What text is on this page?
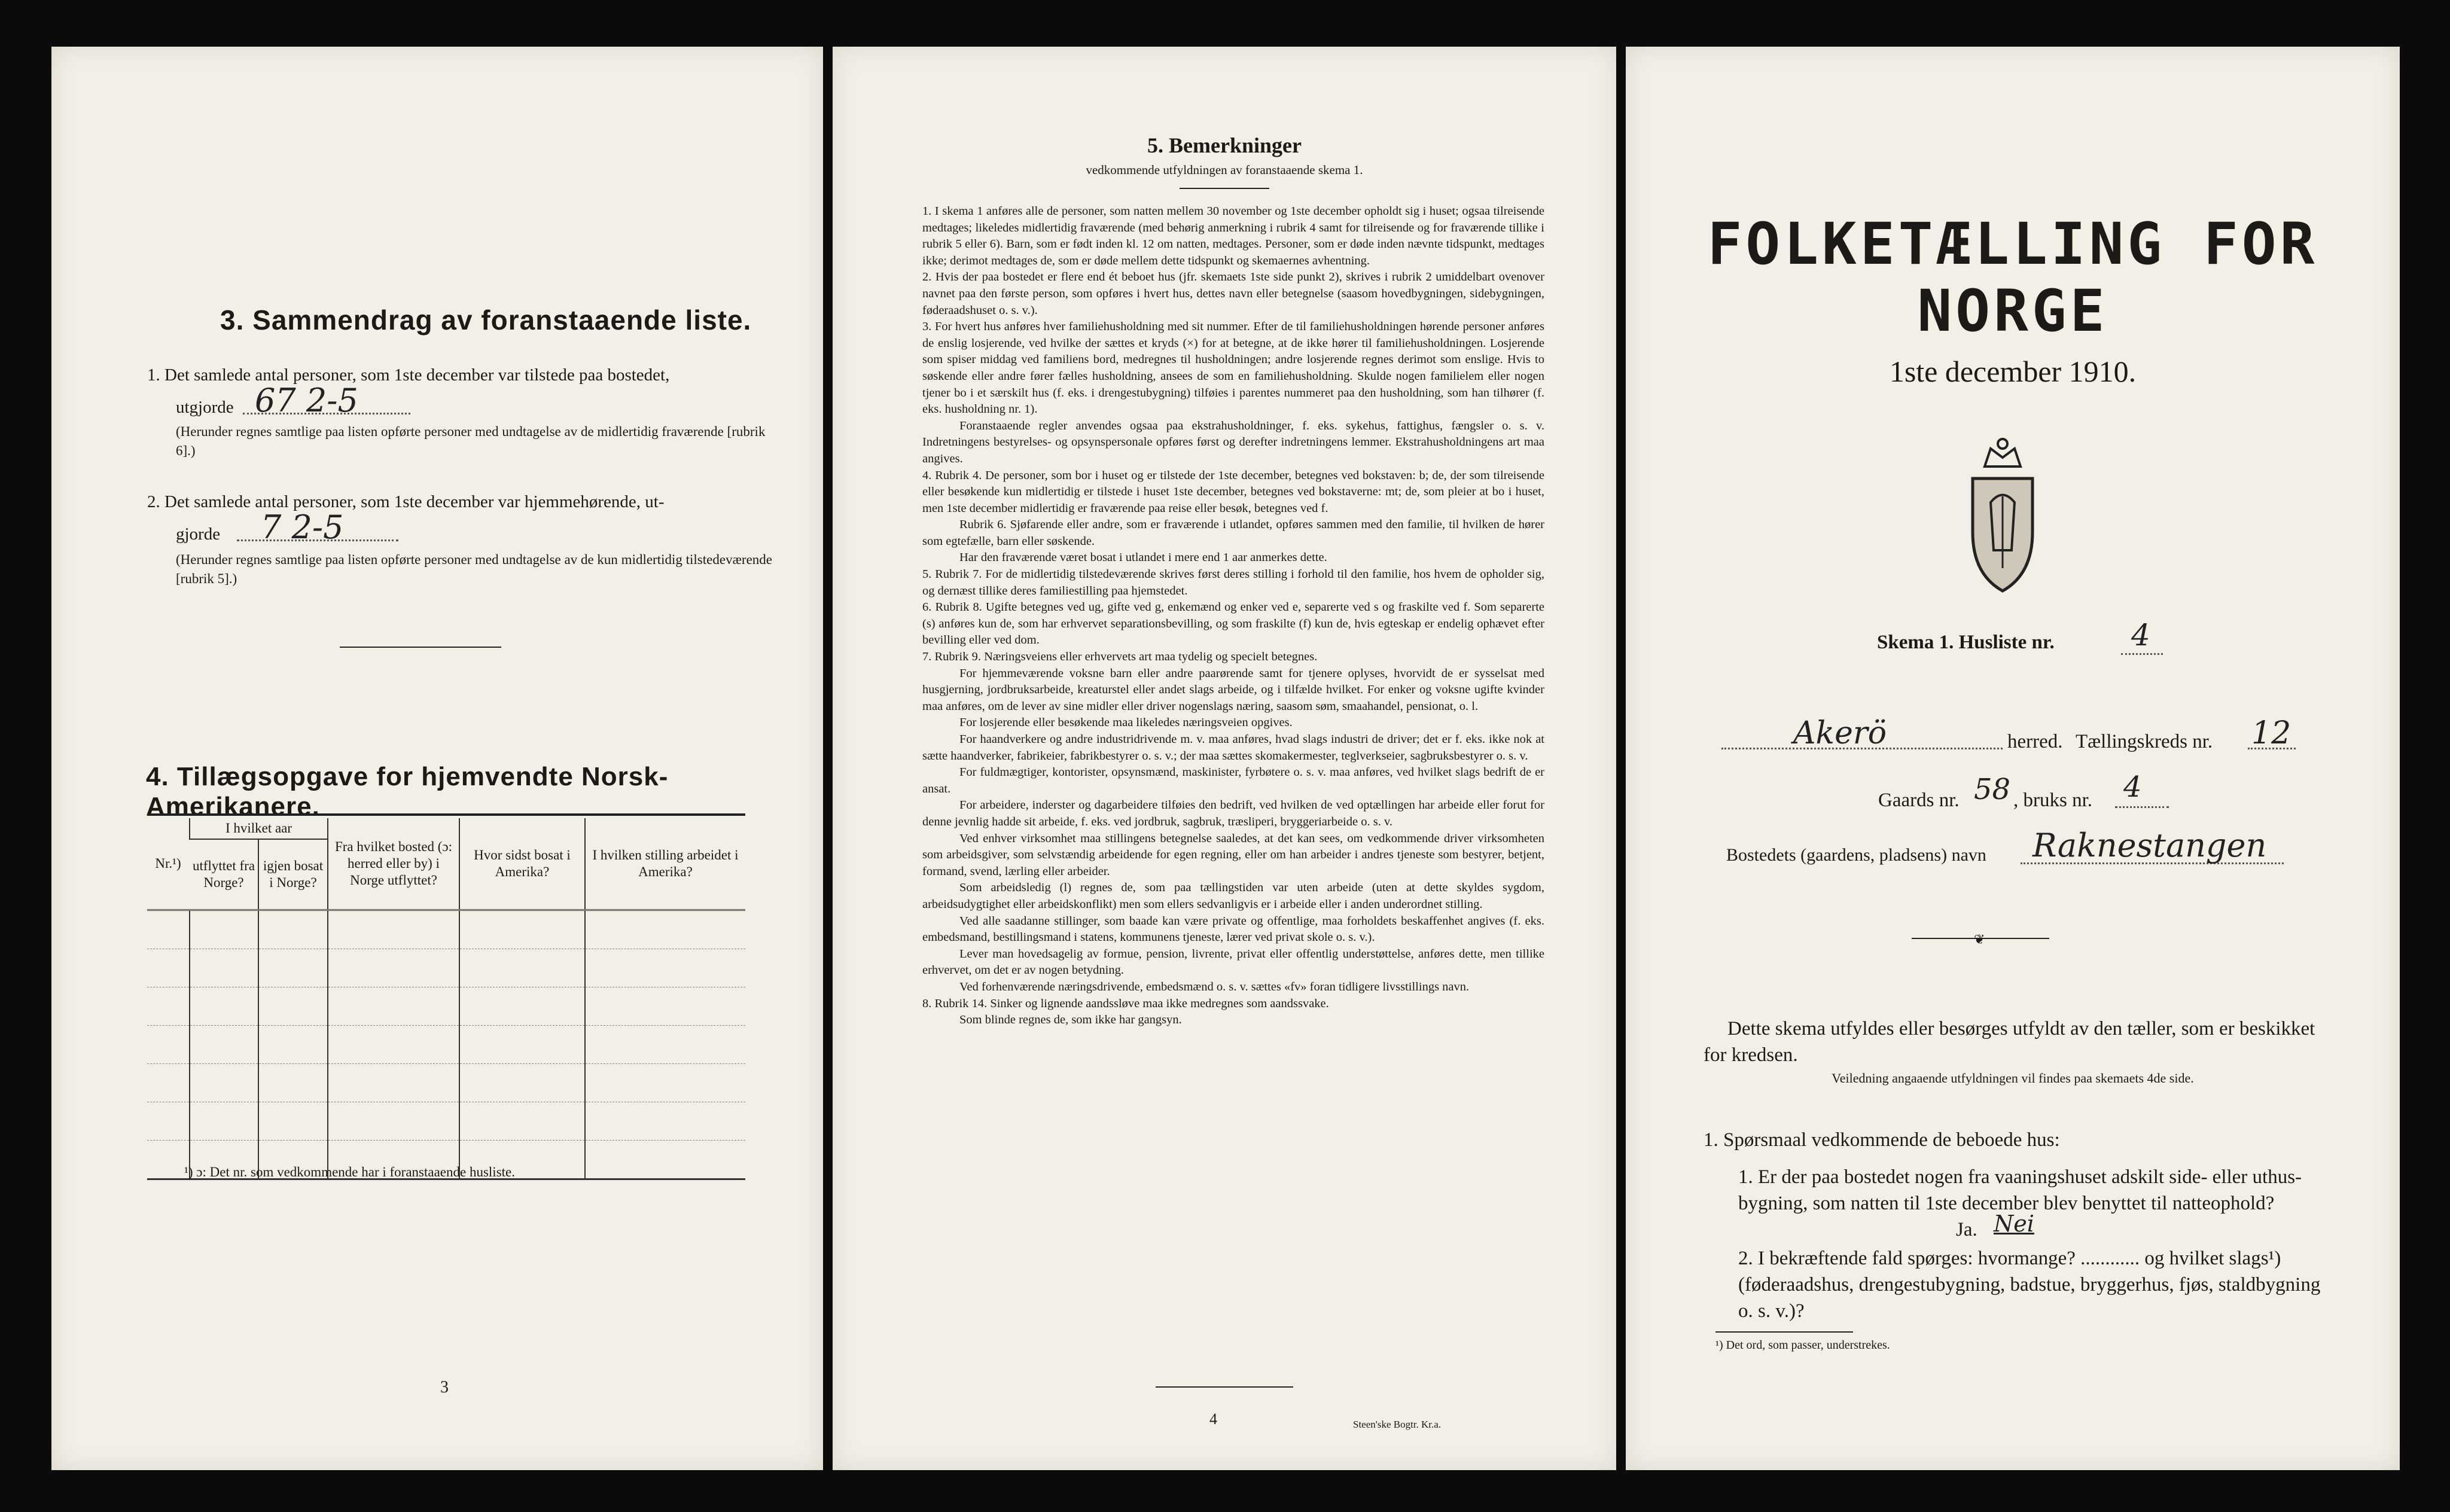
3. Sammendrag av foranstaaende liste.
1. Det samlede antal personer, som 1ste december var tilstede paa bostedet,
utgjorde 67 2-5
(Herunder regnes samtlige paa listen opførte personer med undtagelse av de midlertidig fraværende [rubrik 6].)
2. Det samlede antal personer, som 1ste december var hjemmehørende, ut-
gjorde 7 2-5
(Herunder regnes samtlige paa listen opførte personer med undtagelse av de kun midlertidig tilstedeværende [rubrik 5].)
4. Tillægsopgave for hjemvendte Norsk-Amerikanere.
Nr.¹)	I hvilket aar		Fra hvilket bosted (ɔ: herred eller by) i Norge utflyttet?	Hvor sidst bosat i Amerika?	I hvilken stilling arbeidet i Amerika?
	utflyttet fra Norge?	igjen bosat i Norge?			

¹) ɔ: Det nr. som vedkommende har i foranstaaende husliste.
3
5. Bemerkninger
vedkommende utfyldningen av foranstaaende skema 1.

1. I skema 1 anføres alle de personer, som natten mellem 30 november og 1ste december opholdt sig i huset; ogsaa tilreisende medtages; likeledes midlertidig fraværende (med behørig anmerkning i rubrik 4 samt for tilreisende og for fraværende tillike i rubrik 5 eller 6). Barn, som er født inden kl. 12 om natten, medtages. Personer, som er døde inden nævnte tidspunkt, medtages ikke; derimot medtages de, som er døde mellem dette tidspunkt og skemaernes avhentning.

2. Hvis der paa bostedet er flere end ét beboet hus (jfr. skemaets 1ste side punkt 2), skrives i rubrik 2 umiddelbart ovenover navnet paa den første person, som opføres i hvert hus, dettes navn eller betegnelse (saasom hovedbygningen, sidebygningen, føderaadshuset o. s. v.).

3. For hvert hus anføres hver familiehusholdning med sit nummer. Efter de til familiehusholdningen hørende personer anføres de enslig losjerende, ved hvilke der sættes et kryds (×) for at betegne, at de ikke hører til familiehusholdningen. Losjerende som spiser middag ved familiens bord, medregnes til husholdningen; andre losjerende regnes derimot som enslige. Hvis to søskende eller andre fører fælles husholdning, ansees de som en familiehusholdning. Skulde nogen familielem eller nogen tjener bo i et særskilt hus (f. eks. i drengestubygning) tilføies i parentes nummeret paa den husholdning, som han tilhører (f. eks. husholdning nr. 1).

Foranstaaende regler anvendes ogsaa paa ekstrahusholdninger, f. eks. sykehus, fattighus, fængsler o. s. v. Indretningens bestyrelses- og opsynspersonale opføres først og derefter indretningens lemmer. Ekstrahusholdningens art maa angives.

4. Rubrik 4. De personer, som bor i huset og er tilstede der 1ste december, betegnes ved bokstaven: b; de, der som tilreisende eller besøkende kun midlertidig er tilstede i huset 1ste december, betegnes ved bokstaverne: mt; de, som pleier at bo i huset, men 1ste december midlertidig er fraværende paa reise eller besøk, betegnes ved f.

Rubrik 6. Sjøfarende eller andre, som er fraværende i utlandet, opføres sammen med den familie, til hvilken de hører som egtefælle, barn eller søskende.

Har den fraværende været bosat i utlandet i mere end 1 aar anmerkes dette.

5. Rubrik 7. For de midlertidig tilstedeværende skrives først deres stilling i forhold til den familie, hos hvem de opholder sig, og dernæst tillike deres familiestilling paa hjemstedet.

6. Rubrik 8. Ugifte betegnes ved ug, gifte ved g, enkemænd og enker ved e, separerte ved s og fraskilte ved f. Som separerte (s) anføres kun de, som har erhvervet separationsbevilling, og som fraskilte (f) kun de, hvis egteskap er endelig ophævet efter bevilling eller ved dom.

7. Rubrik 9. Næringsveiens eller erhvervets art maa tydelig og specielt betegnes.

For hjemmeværende voksne barn eller andre paarørende samt for tjenere oplyses, hvorvidt de er sysselsat med husgjerning, jordbruksarbeide, kreaturstel eller andet slags arbeide, og i tilfælde hvilket. For enker og voksne ugifte kvinder maa anføres, om de lever av sine midler eller driver nogenslags næring, saasom søm, smaahandel, pensionat, o. l.

For losjerende eller besøkende maa likeledes næringsveien opgives.

For haandverkere og andre industridrivende m. v. maa anføres, hvad slags industri de driver; det er f. eks. ikke nok at sætte haandverker, fabrikeier, fabrikbestyrer o. s. v.; der maa sættes skomakermester, teglverkseier, sagbruksbestyrer o. s. v.

For fuldmægtiger, kontorister, opsynsmænd, maskinister, fyrbøtere o. s. v. maa anføres, ved hvilket slags bedrift de er ansat.

For arbeidere, inderster og dagarbeidere tilføies den bedrift, ved hvilken de ved optællingen har arbeide eller forut for denne jevnlig hadde sit arbeide, f. eks. ved jordbruk, sagbruk, træsliperi, bryggeriarbeide o. s. v.

Ved enhver virksomhet maa stillingens betegnelse saaledes, at det kan sees, om vedkommende driver virksomheten som arbeidsgiver, som selvstændig arbeidende for egen regning, eller om han arbeider i andres tjeneste som bestyrer, betjent, formand, svend, lærling eller arbeider.

Som arbeidsledig (l) regnes de, som paa tællingstiden var uten arbeide (uten at dette skyldes sygdom, arbeidsudygtighet eller arbeidskonflikt) men som ellers sedvanligvis er i arbeide eller i anden underordnet stilling.

Ved alle saadanne stillinger, som baade kan være private og offentlige, maa forholdets beskaffenhet angives (f. eks. embedsmand, bestillingsmand i statens, kommunens tjeneste, lærer ved privat skole o. s. v.).

Lever man hovedsagelig av formue, pension, livrente, privat eller offentlig understøttelse, anføres dette, men tillike erhvervet, om det er av nogen betydning.

Ved forhenværende næringsdrivende, embedsmænd o. s. v. sættes «fv» foran tidligere livsstillings navn.

8. Rubrik 14. Sinker og lignende aandssløve maa ikke medregnes som aandssvake.

Som blinde regnes de, som ikke har gangsyn.

4	Steen'ske Bogtr. Kr.a.
FOLKETÆLLING FOR NORGE
1ste december 1910.
Skema 1. Husliste nr.	4
Akerö	herred. Tællingskreds nr. 12
Gaards nr. 58 , bruks nr. 4
Bostedets (gaardens, pladsens) navn Raknestangen
❦
Dette skema utfyldes eller besørges utfyldt av den tæller, som er beskikket for kredsen.
Veiledning angaaende utfyldningen vil findes paa skemaets 4de side.
1. Spørsmaal vedkommende de beboede hus:
1. Er der paa bostedet nogen fra vaaningshuset adskilt side- eller uthus-bygning, som natten til 1ste december blev benyttet til natteophold?
Ja. Nei
2. I bekræftende fald spørges: hvormange? ............ og hvilket slags¹) (føderaadshus, drengestubygning, badstue, bryggerhus, fjøs, staldbygning o. s. v.)?
¹) Det ord, som passer, understrekes.
